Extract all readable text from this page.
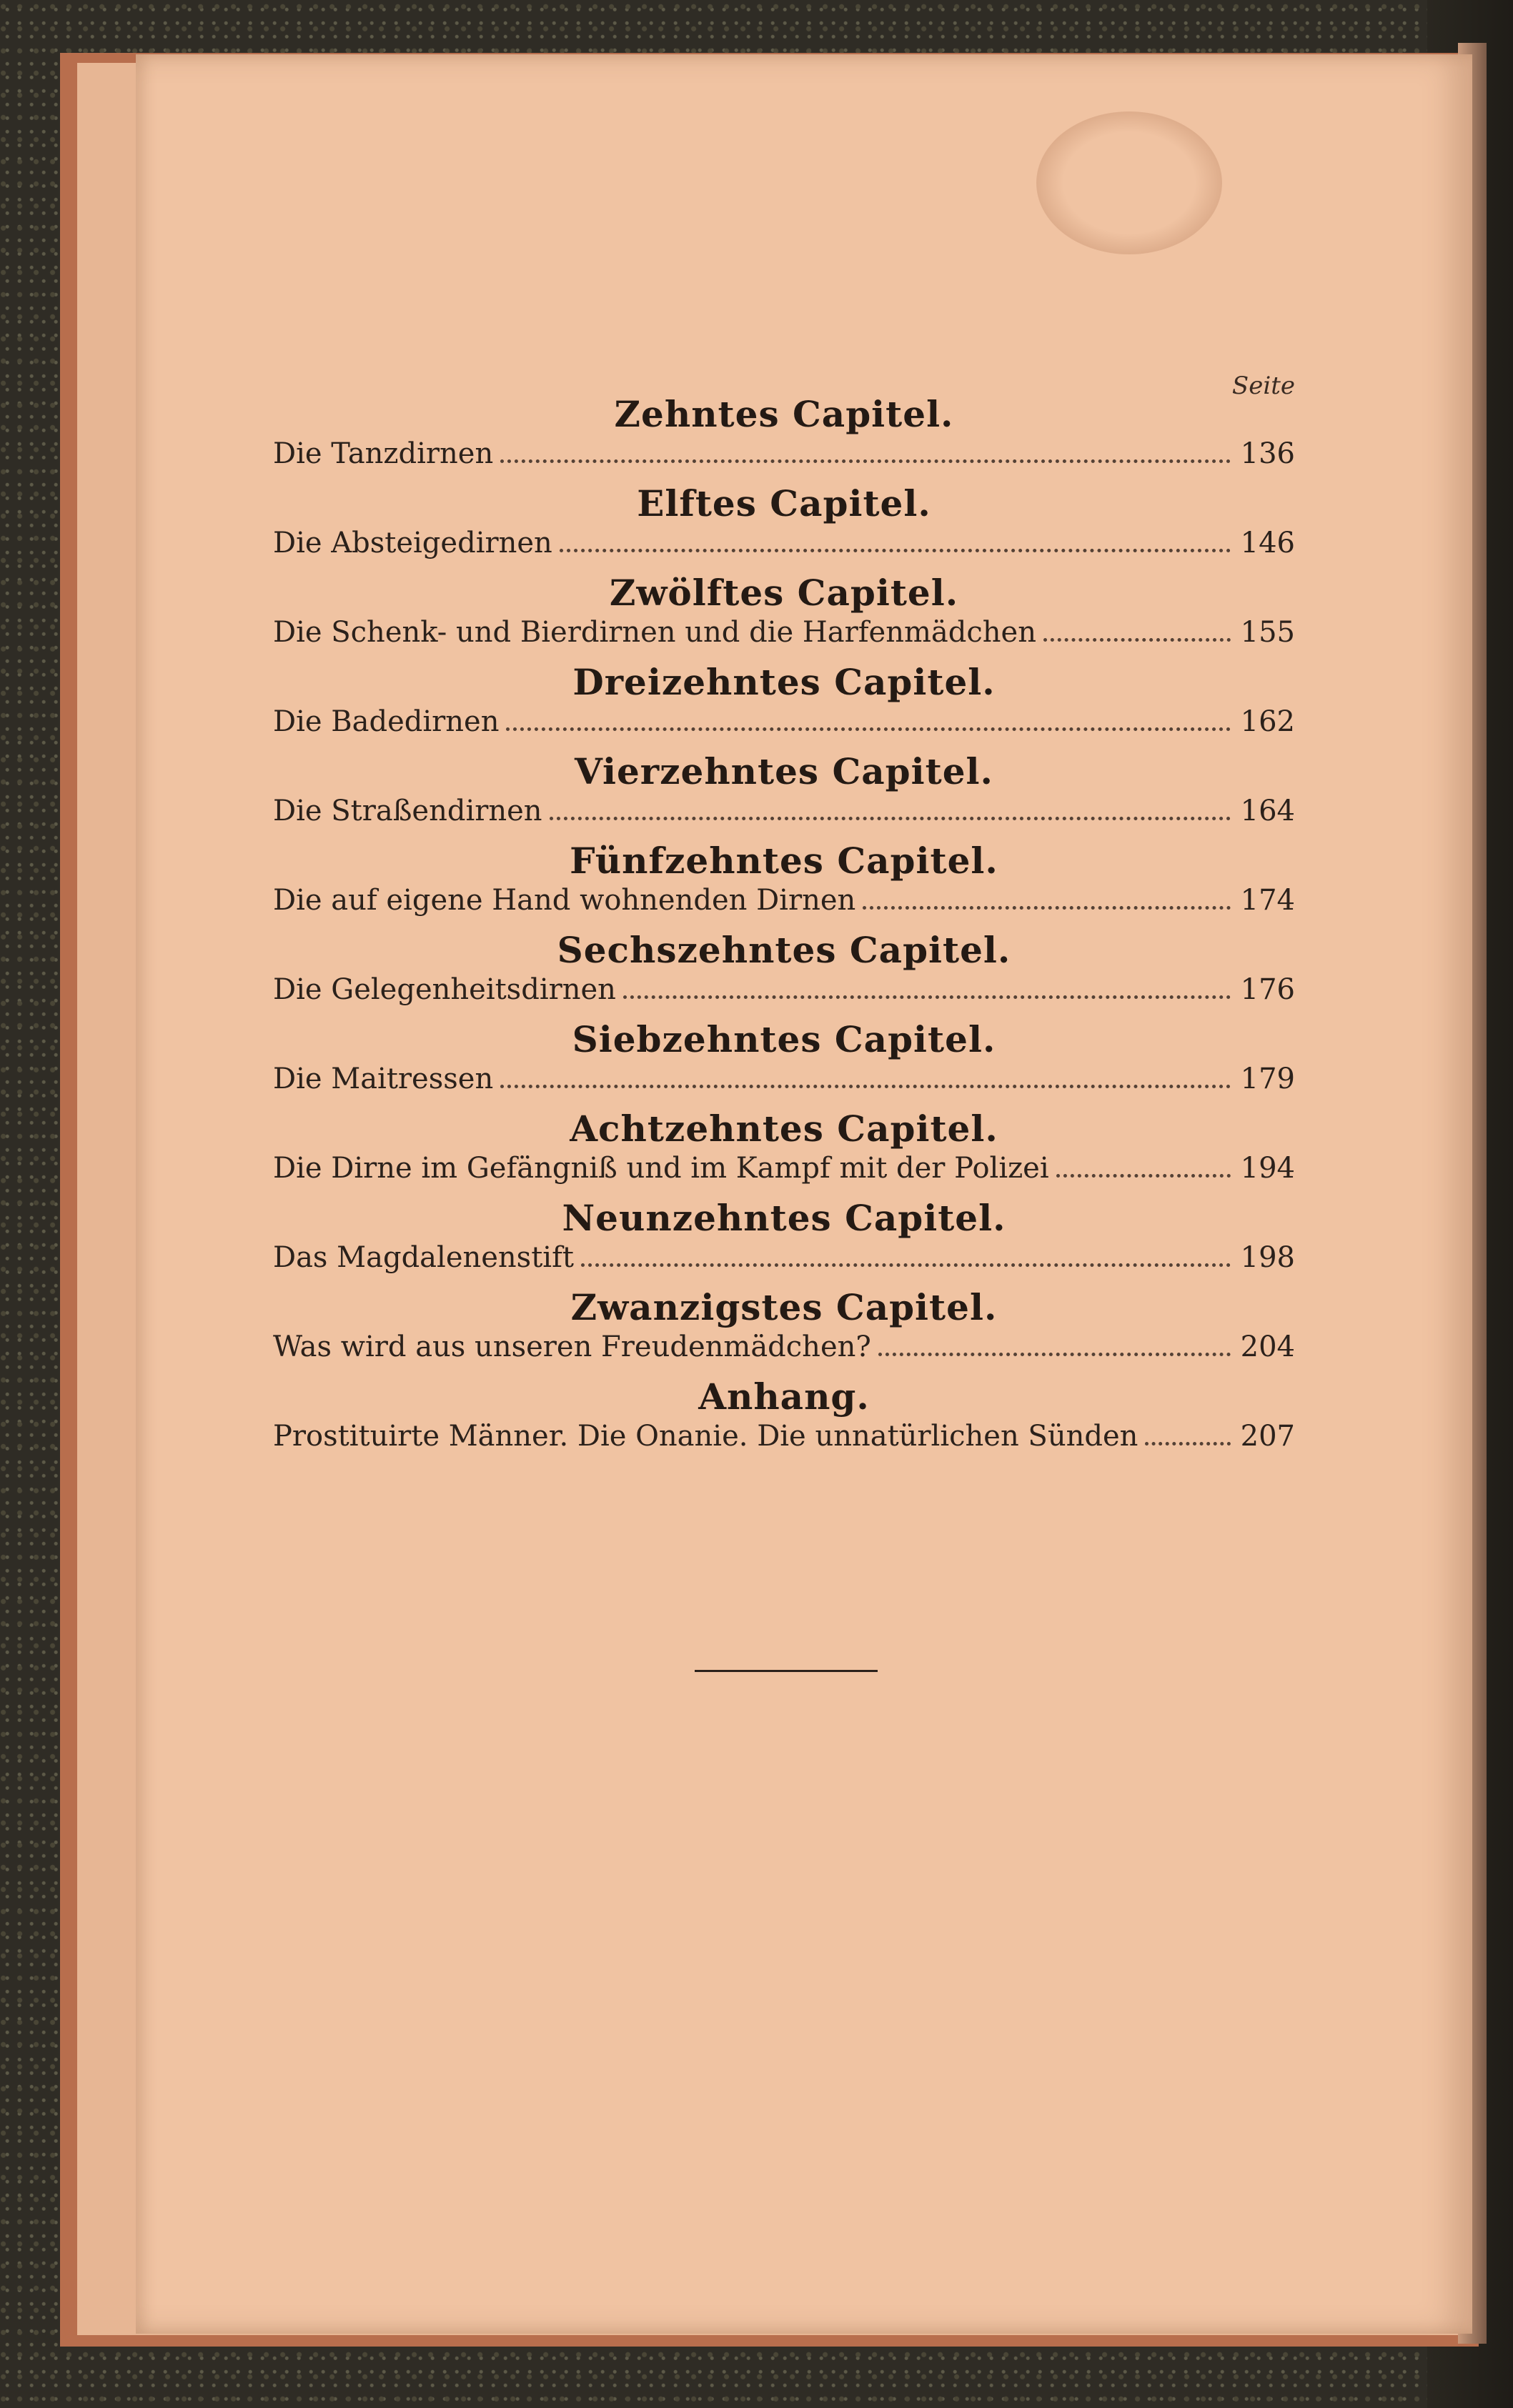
Seite
Zehntes Capitel.
Die Tanzdirnen	136
Elftes Capitel.
Die Absteigedirnen	146
Zwölftes Capitel.
Die Schenk- und Bierdirnen und die Harfenmädchen	155
Dreizehntes Capitel.
Die Badedirnen	162
Vierzehntes Capitel.
Die Straßendirnen	164
Fünfzehntes Capitel.
Die auf eigene Hand wohnenden Dirnen	174
Sechszehntes Capitel.
Die Gelegenheitsdirnen	176
Siebzehntes Capitel.
Die Maitressen	179
Achtzehntes Capitel.
Die Dirne im Gefängniß und im Kampf mit der Polizei	194
Neunzehntes Capitel.
Das Magdalenenstift	198
Zwanzigstes Capitel.
Was wird aus unseren Freudenmädchen?	204
Anhang.
Prostituirte Männer. Die Onanie. Die unnatürlichen Sünden	207
